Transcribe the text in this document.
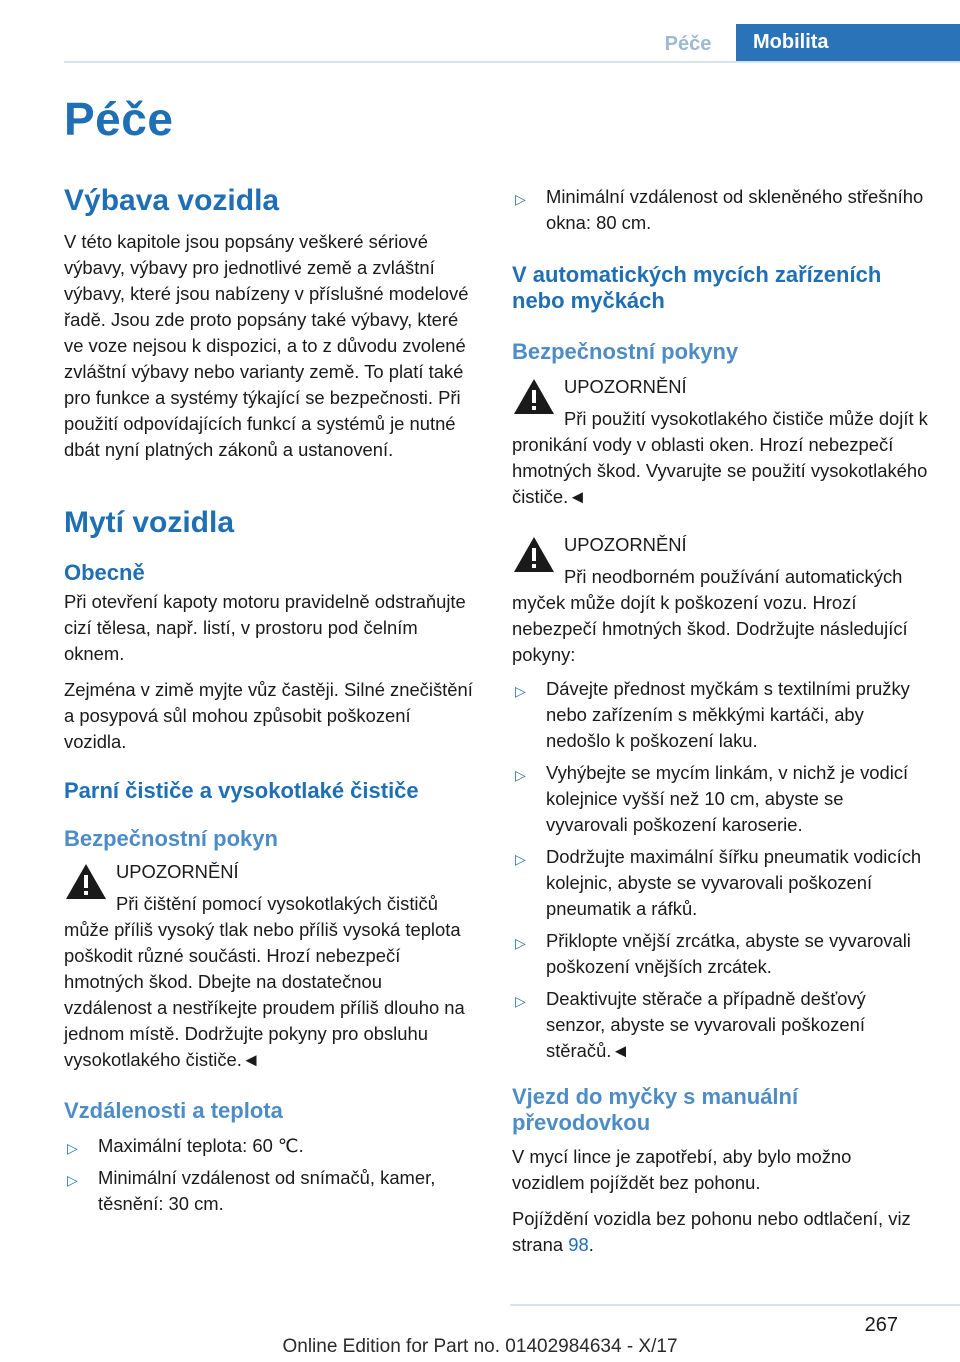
Péče	Mobilita
Péče
Výbava vozidla

V této kapitole jsou popsány veškeré sériové výbavy, výbavy pro jednotlivé země a zvláštní výbavy, které jsou nabízeny v příslušné modelové řadě. Jsou zde proto popsány také výbavy, které ve voze nejsou k dispozici, a to z důvodu zvolené zvláštní výbavy nebo varianty země. To platí také pro funkce a systémy týkající se bezpečnosti. Při použití odpovídajících funkcí a systémů je nutné dbát nyní platných zákonů a ustanovení.

Mytí vozidla
Obecně

Při otevření kapoty motoru pravidelně odstraňujte cizí tělesa, např. listí, v prostoru pod čelním oknem.

Zejména v zimě myjte vůz častěji. Silné znečištění a posypová sůl mohou způsobit poškození vozidla.

Parní čističe a vysokotlaké čističe
Bezpečnostní pokyn

UPOZORNĚNÍ

Při čištění pomocí vysokotlakých čističů může příliš vysoký tlak nebo příliš vysoká teplota poškodit různé součásti. Hrozí nebezpečí hmotných škod. Dbejte na dostatečnou vzdálenost a nestříkejte proudem příliš dlouho na jednom místě. Dodržujte pokyny pro obsluhu vysokotlakého čističe.◄

Vzdálenosti a teplota
▷ Maximální teplota: 60 ℃.
▷ Minimální vzdálenost od snímačů, kamer, těsnění: 30 cm.
▷ Minimální vzdálenost od skleněného střešního okna: 80 cm.
V automatických mycích zařízeních nebo myčkách
Bezpečnostní pokyny

UPOZORNĚNÍ

Při použití vysokotlakého čističe může dojít k pronikání vody v oblasti oken. Hrozí nebezpečí hmotných škod. Vyvarujte se použití vysokotlakého čističe.◄

UPOZORNĚNÍ

Při neodborném používání automatických myček může dojít k poškození vozu. Hrozí nebezpečí hmotných škod. Dodržujte následující pokyny:

▷ Dávejte přednost myčkám s textilními pružky nebo zařízením s měkkými kartáči, aby nedošlo k poškození laku.
▷ Vyhýbejte se mycím linkám, v nichž je vodicí kolejnice vyšší než 10 cm, abyste se vyvarovali poškození karoserie.
▷ Dodržujte maximální šířku pneumatik vodicích kolejnic, abyste se vyvarovali poškození pneumatik a ráfků.
▷ Přiklopte vnější zrcátka, abyste se vyvarovali poškození vnějších zrcátek.
▷ Deaktivujte stěrače a případně dešťový senzor, abyste se vyvarovali poškození stěračů.◄
Vjezd do myčky s manuální převodovkou

V mycí lince je zapotřebí, aby bylo možno vozidlem pojíždět bez pohonu.

Pojíždění vozidla bez pohonu nebo odtlačení, viz strana 98.

267
Online Edition for Part no. 01402984634 - X/17
